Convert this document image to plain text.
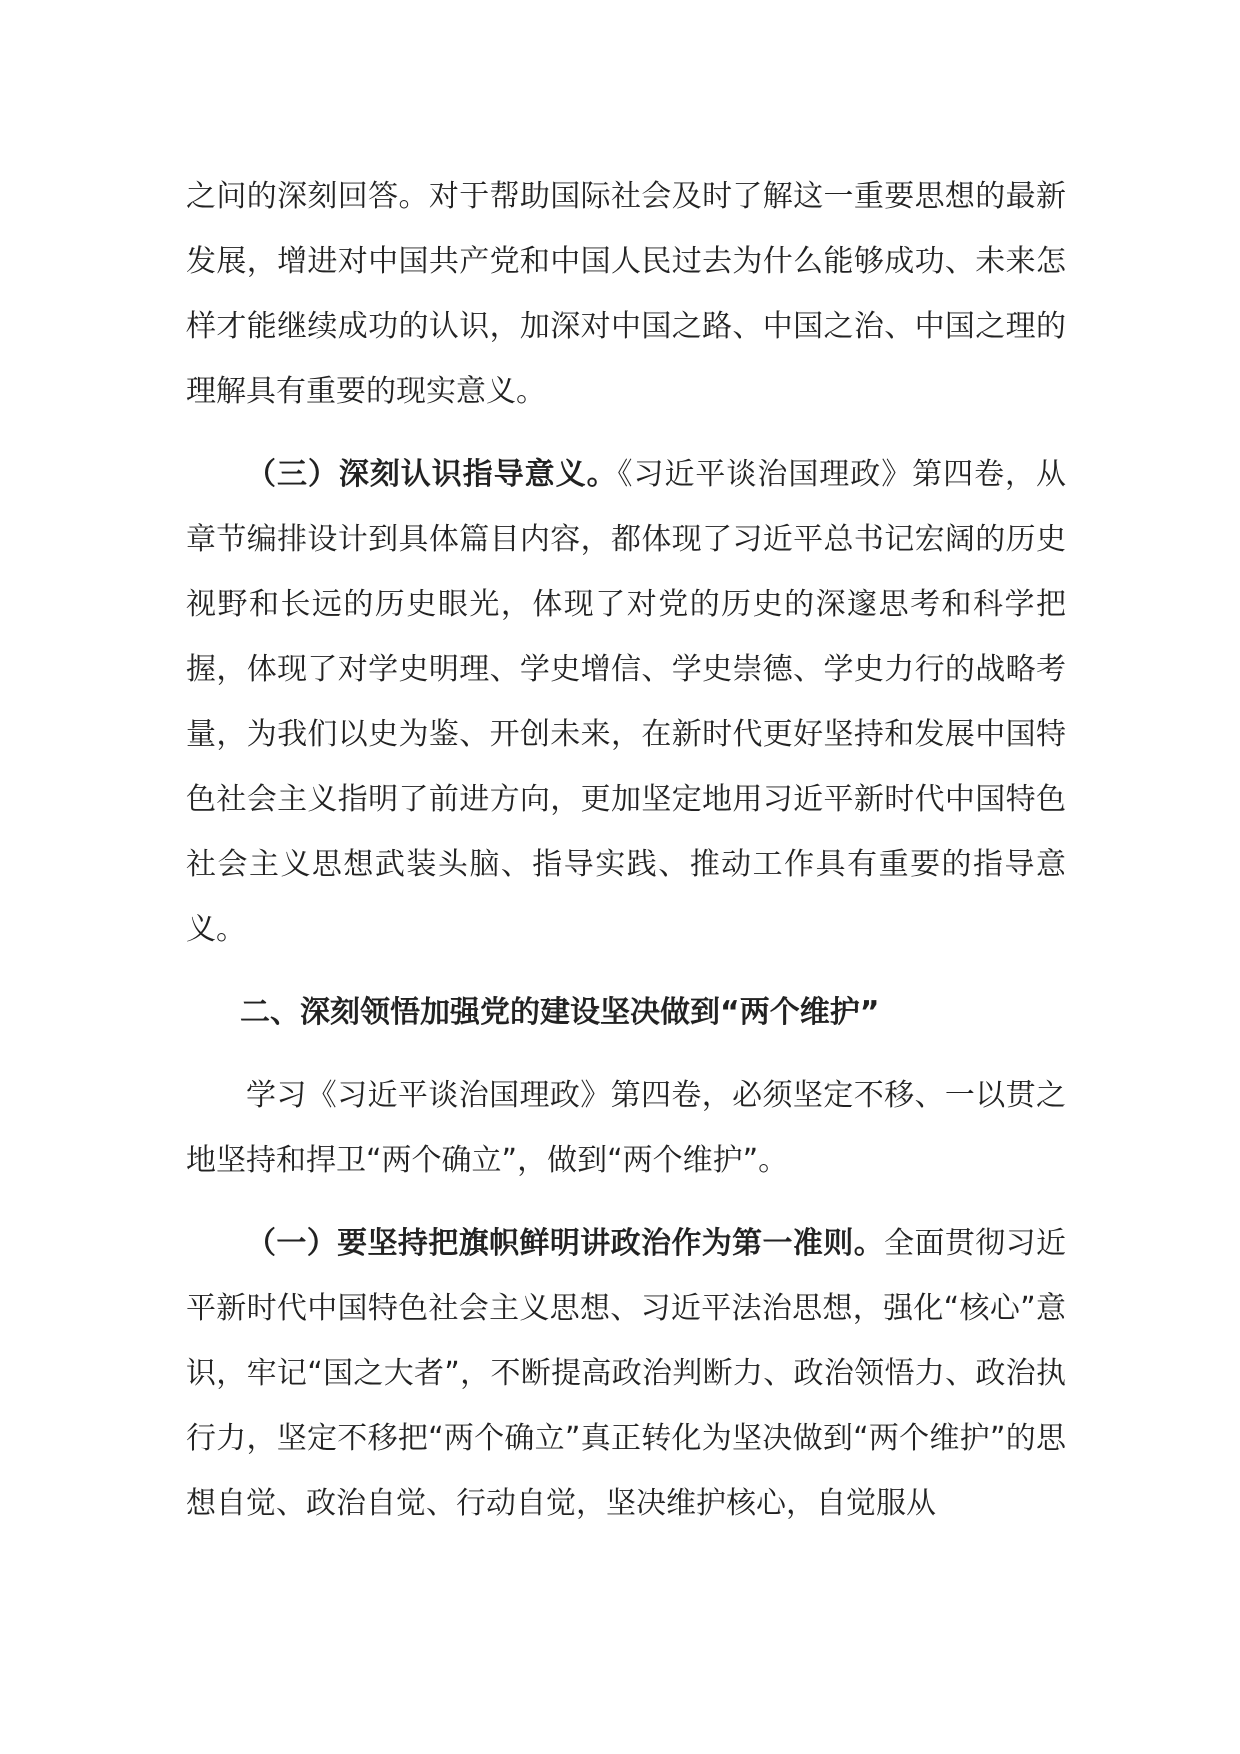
之问的深刻回答。对于帮助国际社会及时了解这一重要思想的最新发展，增进对中国共产党和中国人民过去为什么能够成功、未来怎样才能继续成功的认识，加深对中国之路、中国之治、中国之理的理解具有重要的现实意义。

（三）深刻认识指导意义。《习近平谈治国理政》第四卷，从章节编排设计到具体篇目内容，都体现了习近平总书记宏阔的历史视野和长远的历史眼光，体现了对党的历史的深邃思考和科学把握，体现了对学史明理、学史增信、学史崇德、学史力行的战略考量，为我们以史为鉴、开创未来，在新时代更好坚持和发展中国特色社会主义指明了前进方向，更加坚定地用习近平新时代中国特色社会主义思想武装头脑、指导实践、推动工作具有重要的指导意义。

二、深刻领悟加强党的建设坚决做到“两个维护”

学习《习近平谈治国理政》第四卷，必须坚定不移、一以贯之地坚持和捍卫“两个确立”，做到“两个维护”。

（一）要坚持把旗帜鲜明讲政治作为第一准则。全面贯彻习近平新时代中国特色社会主义思想、习近平法治思想，强化“核心”意识，牢记“国之大者”，不断提高政治判断力、政治领悟力、政治执行力，坚定不移把“两个确立”真正转化为坚决做到“两个维护”的思想自觉、政治自觉、行动自觉，坚决维护核心，自觉服从
